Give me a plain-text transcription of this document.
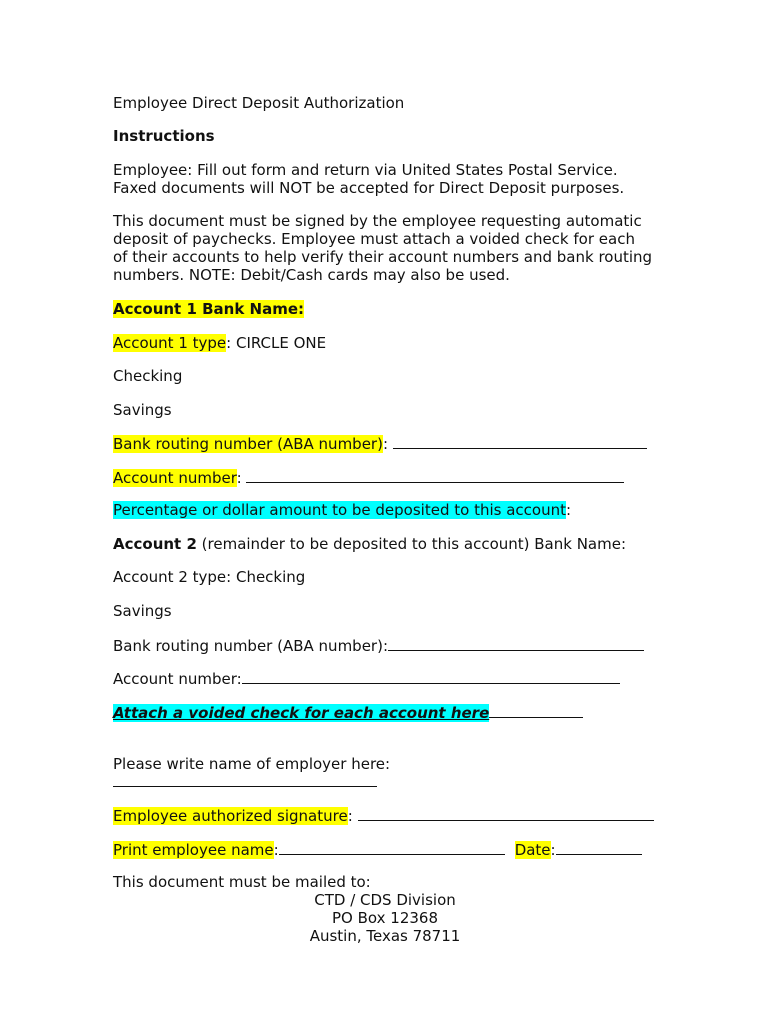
Employee Direct Deposit Authorization
Instructions
Employee: Fill out form and return via United States Postal Service.
Faxed documents will NOT be accepted for Direct Deposit purposes.
This document must be signed by the employee requesting automatic
deposit of paychecks. Employee must attach a voided check for each
of their accounts to help verify their account numbers and bank routing
numbers. NOTE: Debit/Cash cards may also be used.
Account 1 Bank Name:
Account 1 type: CIRCLE ONE
Checking
Savings
Bank routing number (ABA number):
Account number:
Percentage or dollar amount to be deposited to this account:
Account 2 (remainder to be deposited to this account) Bank Name:
Account 2 type: Checking
Savings
Bank routing number (ABA number):
Account number:
Attach a voided check for each account here
Please write name of employer here:
Employee authorized signature:
Print employee name:	Date:
This document must be mailed to:
CTD / CDS Division
PO Box 12368
Austin, Texas 78711
